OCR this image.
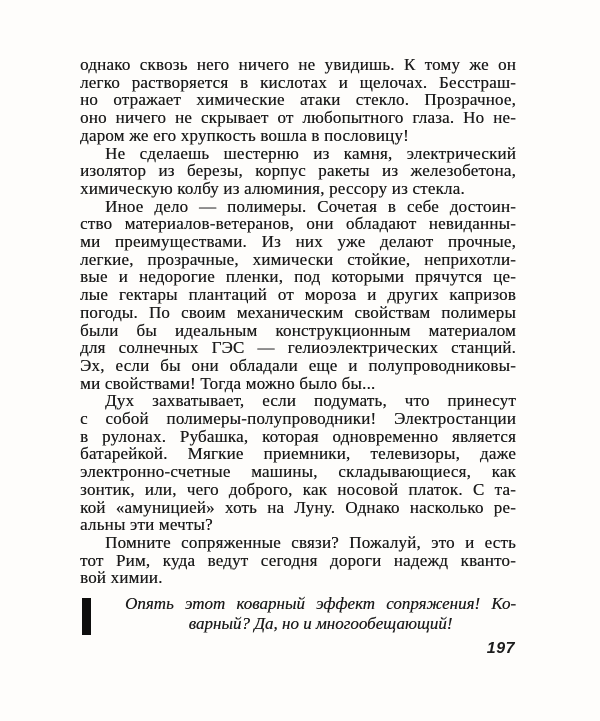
однако сквозь него ничего не увидишь. К тому же он
легко растворяется в кислотах и щелочах. Бесстраш-
но отражает химические атаки стекло. Прозрачное,
оно ничего не скрывает от любопытного глаза. Но не-
даром же его хрупкость вошла в пословицу!
Не сделаешь шестерню из камня, электрический
изолятор из березы, корпус ракеты из железобетона,
химическую колбу из алюминия, рессору из стекла.
Иное дело — полимеры. Сочетая в себе достоин-
ство материалов-ветеранов, они обладают невиданны-
ми преимуществами. Из них уже делают прочные,
легкие, прозрачные, химически стойкие, неприхотли-
вые и недорогие пленки, под которыми прячутся це-
лые гектары плантаций от мороза и других капризов
погоды. По своим механическим свойствам полимеры
были бы идеальным конструкционным материалом
для солнечных ГЭС — гелиоэлектрических станций.
Эх, если бы они обладали еще и полупроводниковы-
ми свойствами! Тогда можно было бы...
Дух захватывает, если подумать, что принесут
с собой полимеры-полупроводники! Электростанции
в рулонах. Рубашка, которая одновременно является
батарейкой. Мягкие приемники, телевизоры, даже
электронно-счетные машины, складывающиеся, как
зонтик, или, чего доброго, как носовой платок. С та-
кой «амуницией» хоть на Луну. Однако насколько ре-
альны эти мечты?
Помните сопряженные связи? Пожалуй, это и есть
тот Рим, куда ведут сегодня дороги надежд кванто-
вой химии.
Опять этот коварный эффект сопряжения! Ко-
варный? Да, но и многообещающий!
197
